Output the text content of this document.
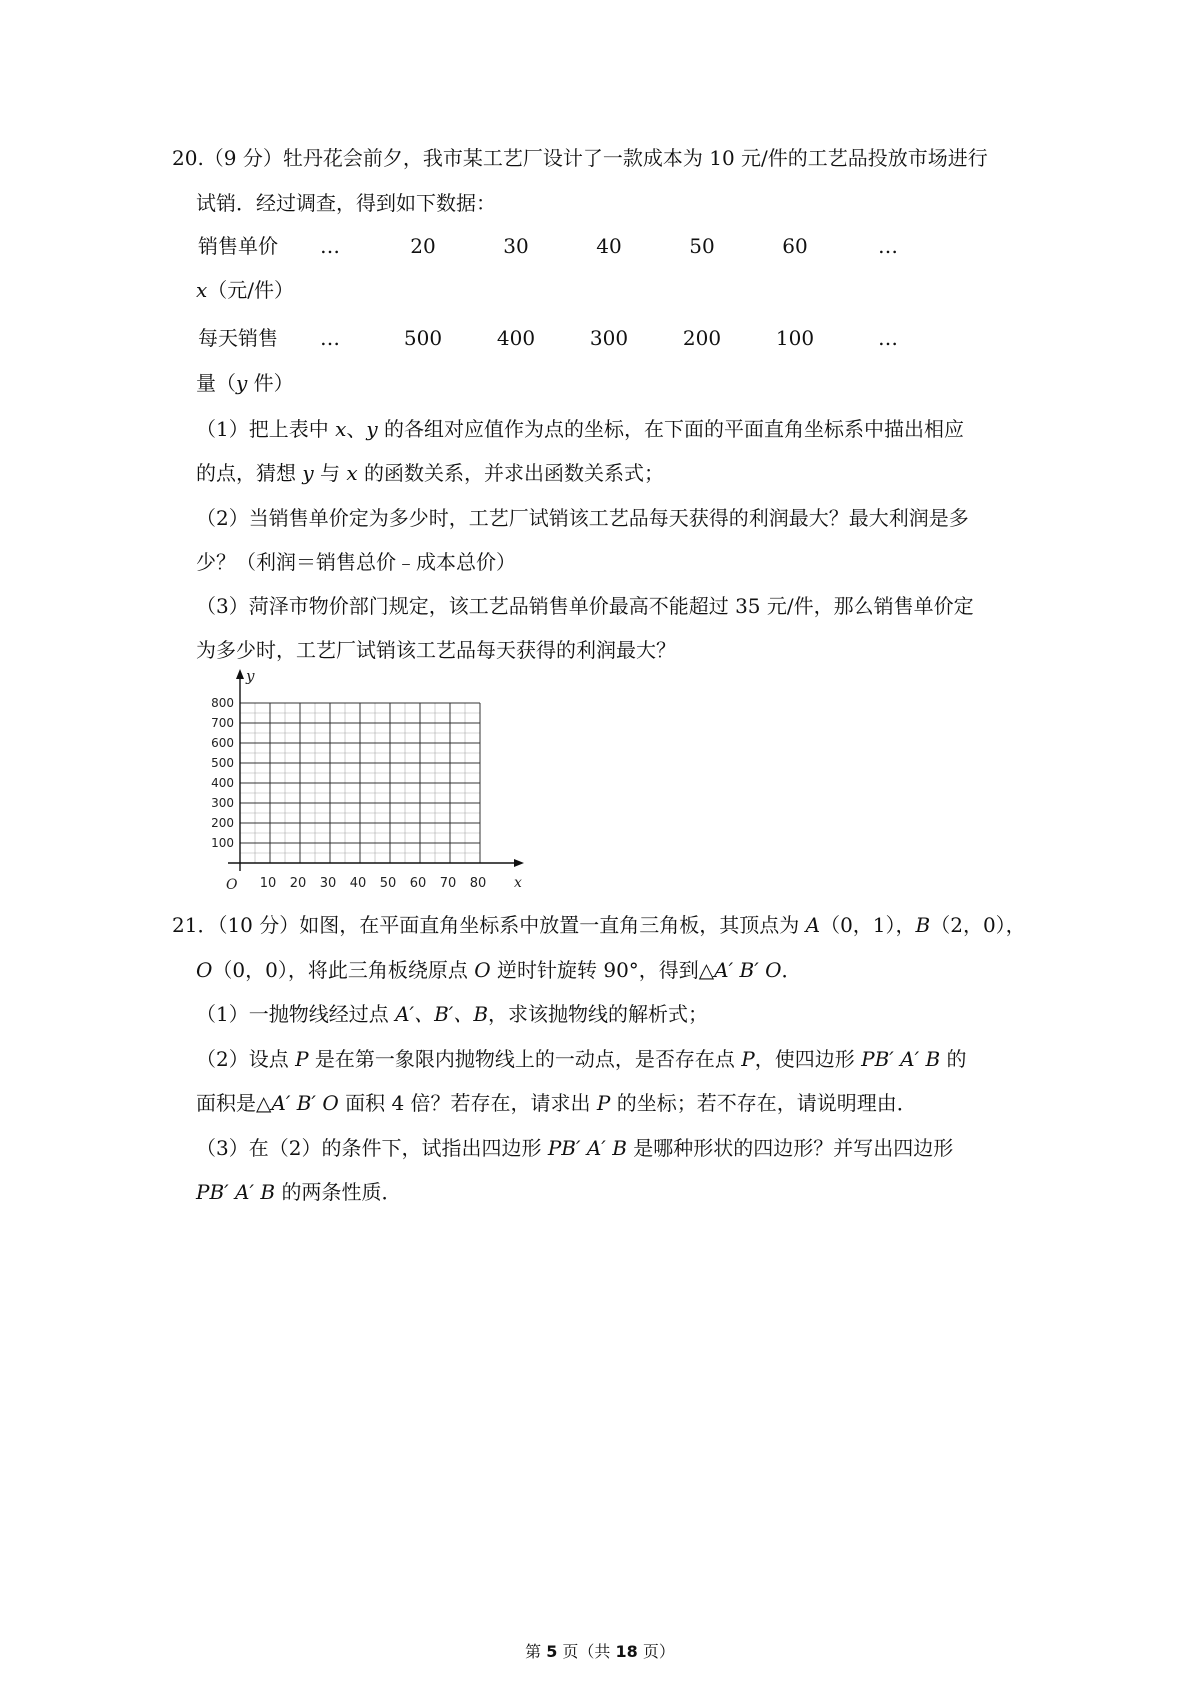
20.（9 分）牡丹花会前夕，我市某工艺厂设计了一款成本为 10 元/件的工艺品投放市场进行
试销．经过调查，得到如下数据：
销售单价
x（元/件）
…	20	30	40	50	60	…
每天销售
量（y 件）
…	500	400	300	200	100	…
（1）把上表中 x、y 的各组对应值作为点的坐标，在下面的平面直角坐标系中描出相应
的点，猜想 y 与 x 的函数关系，并求出函数关系式；
（2）当销售单价定为多少时，工艺厂试销该工艺品每天获得的利润最大？最大利润是多
少？（利润＝销售总价﹣成本总价）
（3）菏泽市物价部门规定，该工艺品销售单价最高不能超过 35 元/件，那么销售单价定
为多少时，工艺厂试销该工艺品每天获得的利润最大？
10 20 30 40 50 60 70 80
100
200
300
400
500
600
700
800
x
y
O
21．（10 分）如图，在平面直角坐标系中放置一直角三角板，其顶点为 A（0，1），B（2，0），
O（0，0），将此三角板绕原点 O 逆时针旋转 90°，得到△A′ B′ O．
（1）一抛物线经过点 A′、B′、B，求该抛物线的解析式；
（2）设点 P 是在第一象限内抛物线上的一动点，是否存在点 P，使四边形 PB′ A′ B 的
面积是△A′ B′ O 面积 4 倍？若存在，请求出 P 的坐标；若不存在，请说明理由．
（3）在（2）的条件下，试指出四边形 PB′ A′ B 是哪种形状的四边形？并写出四边形
PB′ A′ B 的两条性质．
第 5 页（共 18 页）
